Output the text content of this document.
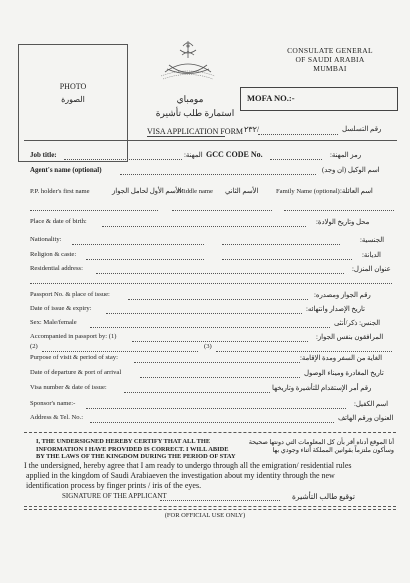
PHOTO
الصورة
CONSULATE GENERAL
OF SAUDI ARABIA
MUMBAI
مومباي
استمارة طلب تأشيرة
VISA APPLICATION FORM
MOFA NO.:-
٢٣٢/	رقم التسلسل
Job title:	المهنة: GCC CODE No.	رمز المهنة:
Agent's name (optional)	اسم الوكيل (ان وجد)
P.P. holder's first name	الأسم الأول لحامل الجواز
Middle name الأسم الثاني	Family Name (optional) اسم العائلة:
Place & date of birth:	محل وتاريخ الولادة:
Nationality:	الجنسية:
Religion & caste:	الديانة:
Residential address:	عنوان المنزل:
Passport No. & place of issue:	رقم الجواز ومصدره:
Date of issue & expiry:	تاريخ الإصدار وانتهائه:
Sex: Male/female	الجنس: ذكر/أنثى
Accompanied in passport by: (1)	المرافقون بنفس الجواز:
(2)	(3)
Purpose of visit & period of stay:	الغاية من السفر ومدة الإقامة:
Date of departure & port of arrival	تاريخ المغادرة وميناء الوصول
Visa number & date of issue:	رقم أمر الإستقدام للتأشيرة وتاريخها
Sponsor's name:-	اسم الكفيل:
Address & Tel. No.:	العنوان ورقم الهاتف
I, THE UNDERSIGNED HEREBY CERTIFY THAT ALL THE
INFORMATION I HAVE PROVIDED IS CORRECT. I WILL ABIDE
BY THE LAWS OF THE KINGDOM DURING THE PERIOD OF STAY
أنا الموقع أدناه أقر بأن كل المعلومات التي دونتها صحيحة
وسأكون ملتزماً بقوانين المملكة أثناء وجودي بها
I the undersigned, hereby agree that I am ready to undergo through all the emigration/ residential rules
applied in the kingdom of Saudi Arabiaeven the investigation about my identity through the new
identification process by finger prints / iris of the eyes.
SIGNATURE OF THE APPLICANT	توقيع طالب التأشيرة
(FOR OFFICIAL USE ONLY)
